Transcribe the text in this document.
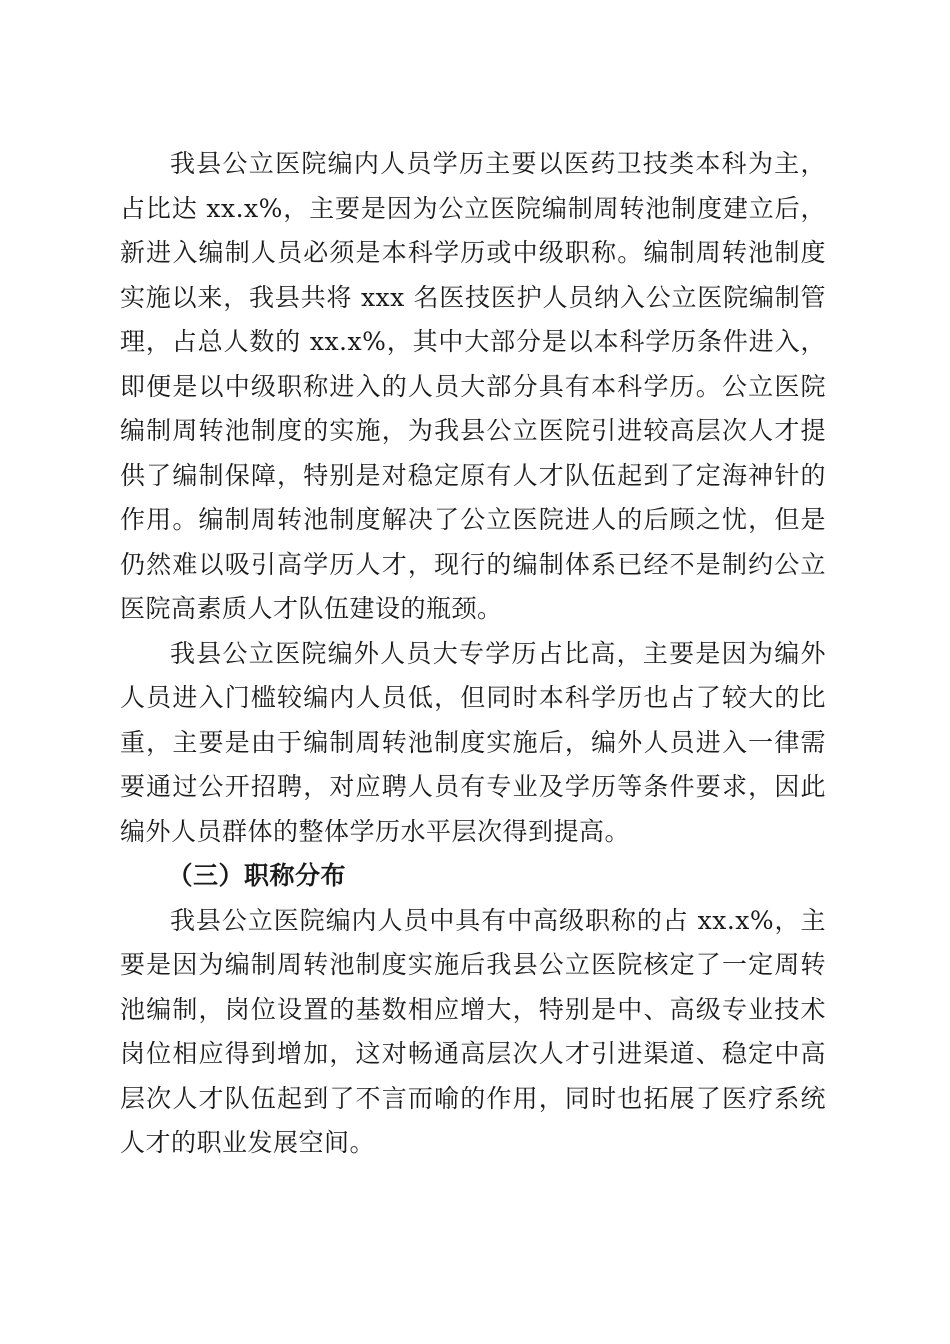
我县公立医院编内人员学历主要以医药卫技类本科为主，占比达 xx.x%，主要是因为公立医院编制周转池制度建立后，新进入编制人员必须是本科学历或中级职称。编制周转池制度实施以来，我县共将 xxx 名医技医护人员纳入公立医院编制管理，占总人数的 xx.x%，其中大部分是以本科学历条件进入，即便是以中级职称进入的人员大部分具有本科学历。公立医院编制周转池制度的实施，为我县公立医院引进较高层次人才提供了编制保障，特别是对稳定原有人才队伍起到了定海神针的作用。编制周转池制度解决了公立医院进人的后顾之忧，但是仍然难以吸引高学历人才，现行的编制体系已经不是制约公立医院高素质人才队伍建设的瓶颈。

我县公立医院编外人员大专学历占比高，主要是因为编外人员进入门槛较编内人员低，但同时本科学历也占了较大的比重，主要是由于编制周转池制度实施后，编外人员进入一律需要通过公开招聘，对应聘人员有专业及学历等条件要求，因此编外人员群体的整体学历水平层次得到提高。

（三）职称分布

我县公立医院编内人员中具有中高级职称的占 xx.x%，主要是因为编制周转池制度实施后我县公立医院核定了一定周转池编制，岗位设置的基数相应增大，特别是中、高级专业技术岗位相应得到增加，这对畅通高层次人才引进渠道、稳定中高层次人才队伍起到了不言而喻的作用，同时也拓展了医疗系统人才的职业发展空间。
